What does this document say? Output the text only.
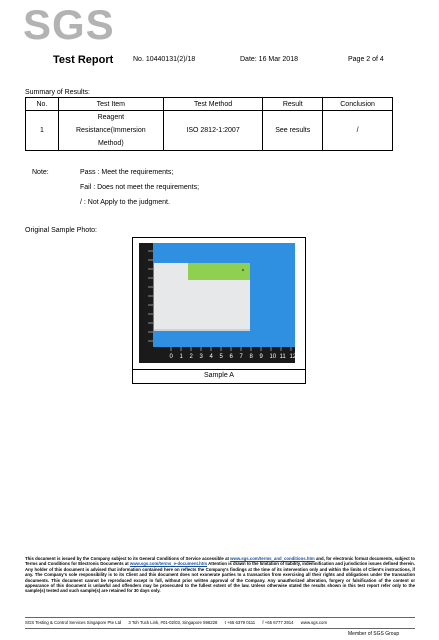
SGS
Test Report	No. 10440131(2)/18	Date: 16 Mar 2018	Page 2 of 4
Summary of Results:
No.	Test Item	Test Method	Result	Conclusion
1	Reagent
Resistance(Immersion
Method)	ISO 2812-1:2007	See results	/
Note:	Pass : Meet the requirements;
Fail : Does not meet the requirements;
/ : Not Apply to the judgment.
Original Sample Photo:
0 1 2 3 4 5 6 7 8 9 10 11 12
Sample A
This document is issued by the Company subject to its General Conditions of Service accessible at www.sgs.com/terms_and_conditions.htm and, for electronic format documents, subject to Terms and Conditions for Electronic Documents at www.sgs.com/terms_e-document.htm Attention is drawn to the limitation of liability, indemnification and jurisdiction issues defined therein. Any holder of this document is advised that information contained here on reflects the Company's findings at the time of its intervention only and within the limits of Client's instructions, if any. The Company's sole responsibility is to its Client and this document does not exonerate parties to a transaction from exercising all their rights and obligations under the transaction documents. This document cannot be reproduced except in full, without prior written approval of the Company. Any unauthorized alteration, forgery or falsification of the content or appearance of this document is unlawful and offenders may be prosecuted to the fullest extent of the law. Unless otherwise stated the results shown in this test report refer only to the sample(s) tested and such sample(s) are retained for 30 days only.
SGS Testing & Control Services Singapore Pte Ltd 3 Toh Tuck Link, #01-02/03, Singapore 596228 t +65 6379 0111 f +65 6777 2914 www.sgs.com
Member of SGS Group
